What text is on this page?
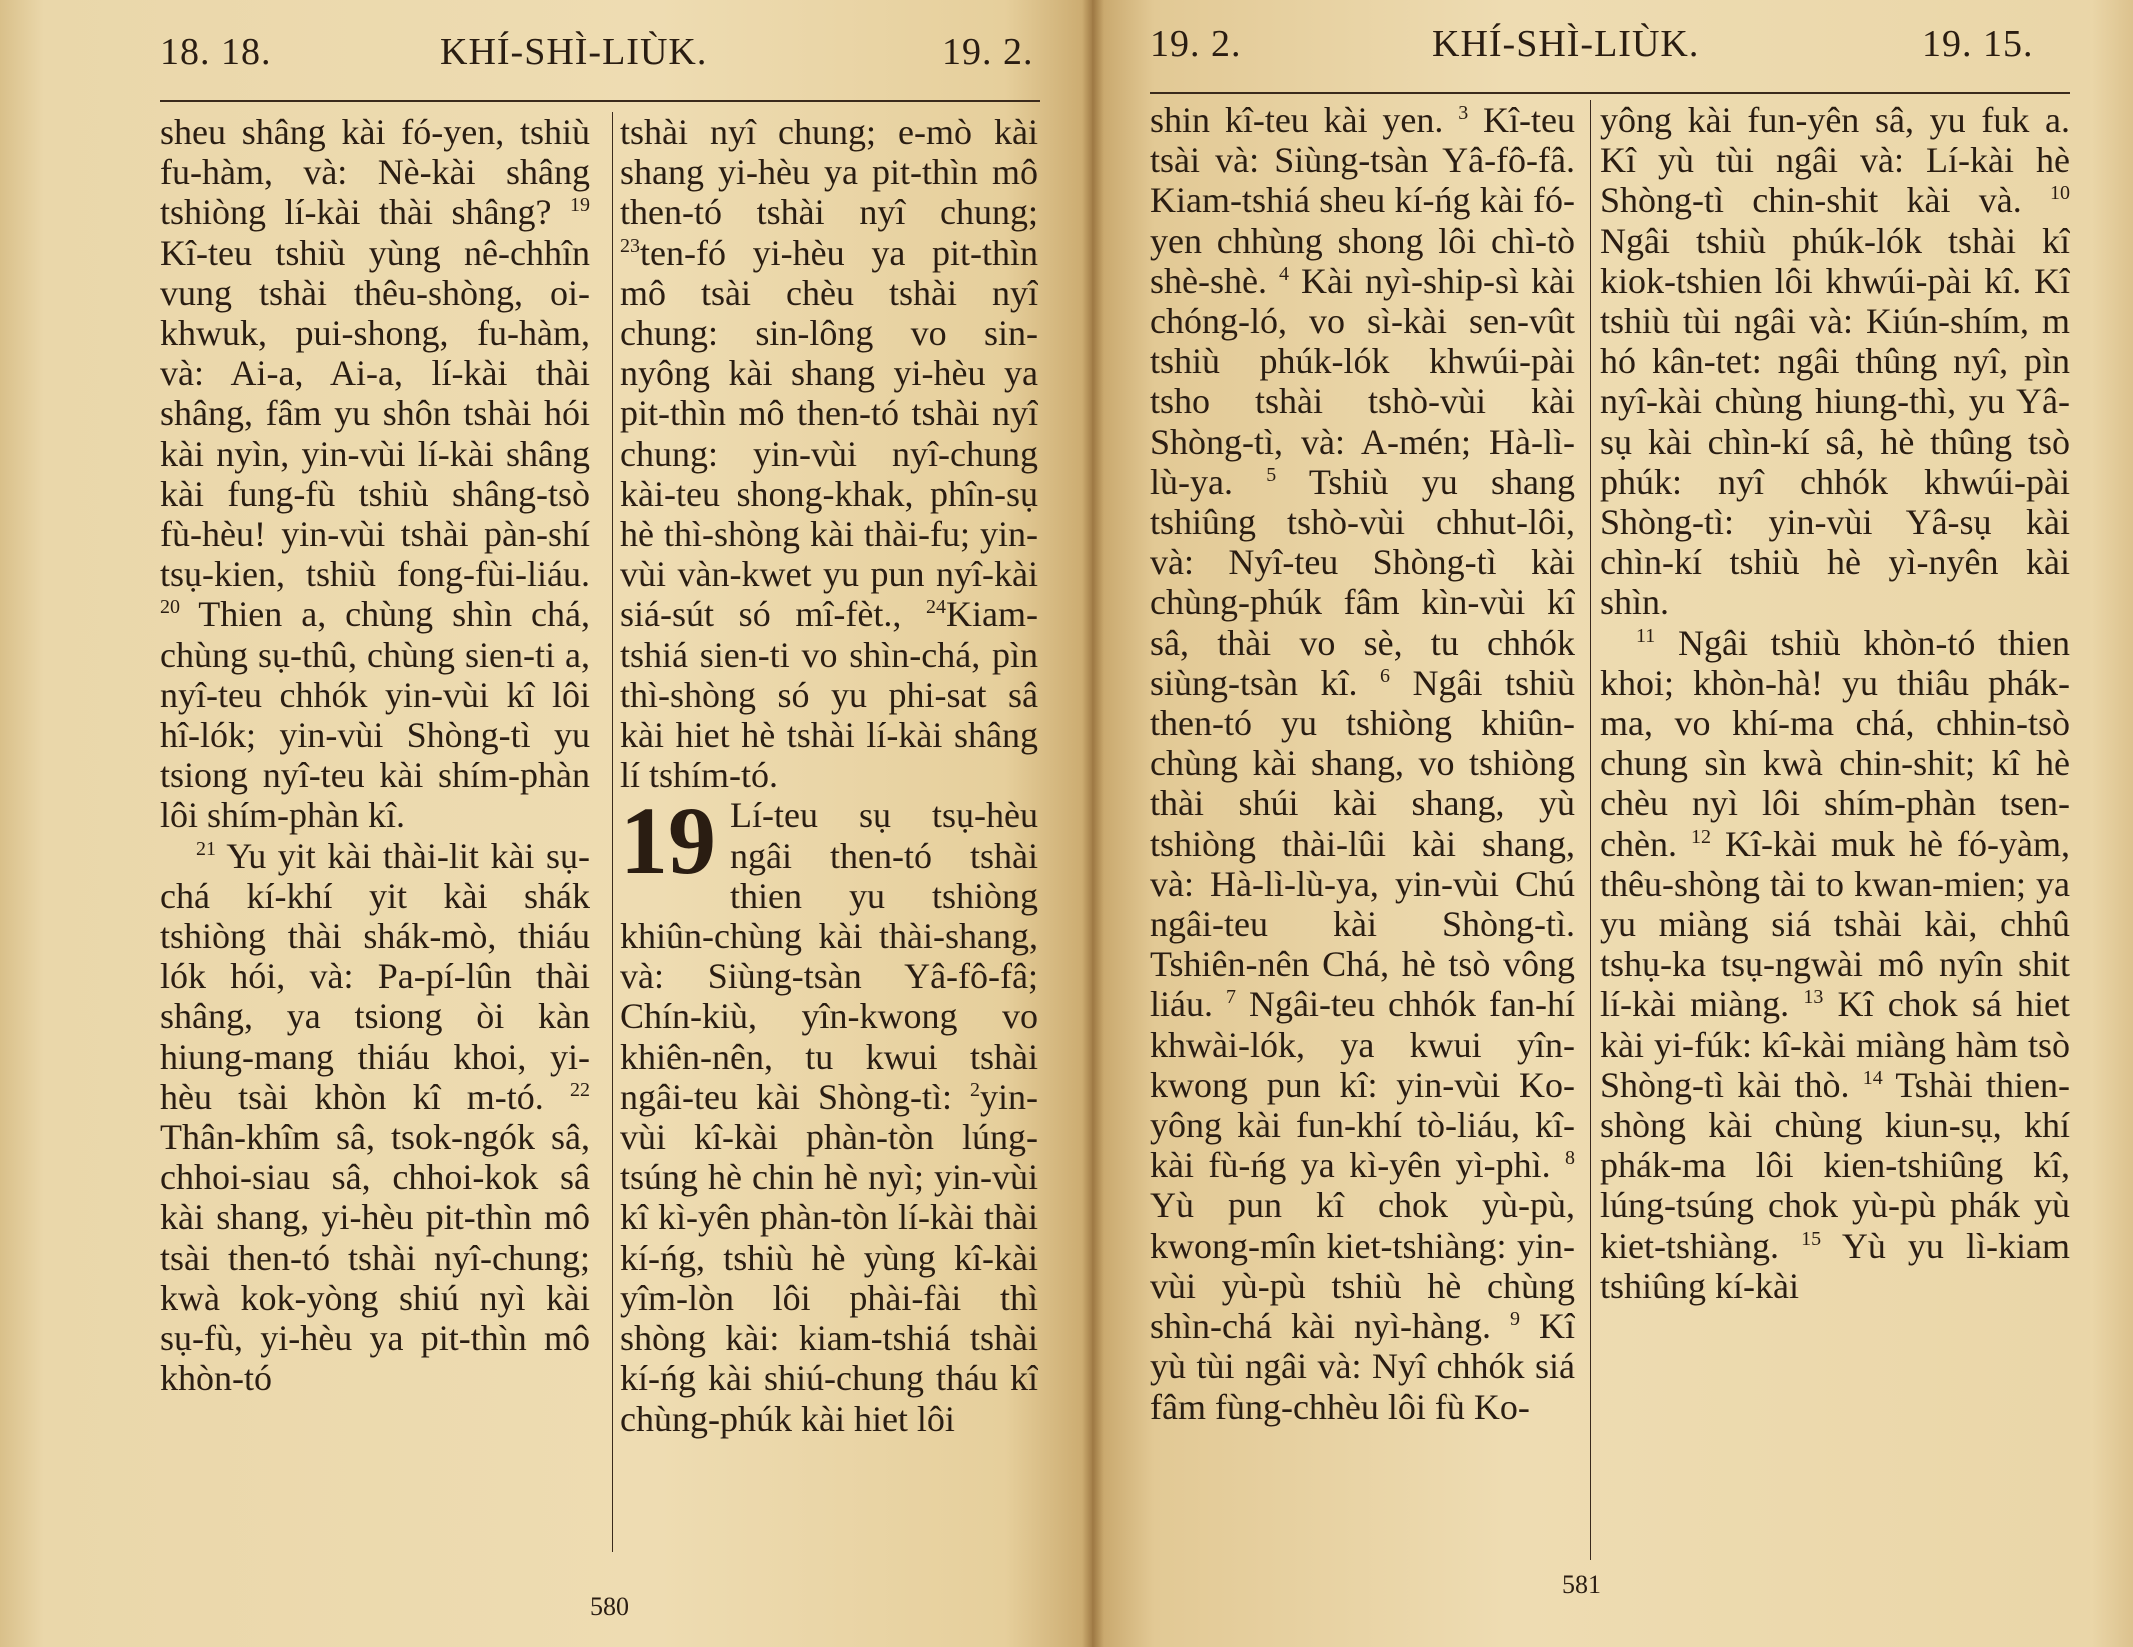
18. 18.	KHÍ-SHÌ-LIÙK.	19. 2.

sheu shâng kài fó-yen, tshiù fu-hàm, và: Nè-kài shâng tshiòng lí-kài thài shâng? $^{19}$ Kî-teu tshiù yùng nê-chhîn vung tshài thêu-shòng, oi-khwuk, pui-shong, fu-hàm, và: Ai-a, Ai-a, lí-kài thài shâng, fâm yu shôn tshài hói kài nyìn, yin-vùi lí-kài shâng kài fung-fù tshiù shâng-tsò fù-hèu! yin-vùi tshài pàn-shí tsụ-kien, tshiù fong-fùi-liáu. $^{20}$ Thien a, chùng shìn chá, chùng sụ-thû, chùng sien-ti a, nyî-teu chhók yin-vùi kî lôi hî-lók; yin-vùi Shòng-tì yu tsiong nyî-teu kài shím-phàn lôi shím-phàn kî.

$^{21}$ Yu yit kài thài-lit kài sụ-chá kí-khí yit kài shák tshiòng thài shák-mò, thiáu lók hói, và: Pa-pí-lûn thài shâng, ya tsiong òi kàn hiung-mang thiáu khoi, yi-hèu tsài khòn kî m-tó. $^{22}$ Thân-khîm sâ, tsok-ngók sâ, chhoi-siau sâ, chhoi-kok sâ kài shang, yi-hèu pit-thìn mô tsài then-tó tshài nyî-chung; kwà kok-yòng shiú nyì kài sụ-fù, yi-hèu ya pit-thìn mô khòn-tó

tshài nyî chung; e-mò kài shang yi-hèu ya pit-thìn mô then-tó tshài nyî chung; $^{23}$ten-fó yi-hèu ya pit-thìn mô tsài chèu tshài nyî chung: sin-lông vo sin-nyông kài shang yi-hèu ya pit-thìn mô then-tó tshài nyî chung: yin-vùi nyî-chung kài-teu shong-khak, phîn-sụ hè thì-shòng kài thài-fu; yin-vùi vàn-kwet yu pun nyî-kài siá-sút só mî-fèt., $^{24}$Kiam-tshiá sien-ti vo shìn-chá, pìn thì-shòng só yu phi-sat sâ kài hiet hè tshài lí-kài shâng lí tshím-tó.

19 Lí-teu sụ tsụ-hèu ngâi then-tó tshài thien yu tshiòng khiûn-chùng kài thài-shang, và: Siùng-tsàn Yâ-fô-fâ; Chín-kiù, yîn-kwong vo khiên-nên, tu kwui tshài ngâi-teu kài Shòng-tì: $^2$yin-vùi kî-kài phàn-tòn lúng-tsúng hè chin hè nyì; yin-vùi kî kì-yên phàn-tòn lí-kài thài kí-ńg, tshiù hè yùng kî-kài yîm-lòn lôi phài-fài thì shòng kài: kiam-tshiá tshài kí-ńg kài shiú-chung tháu kî chùng-phúk kài hiet lôi

580
19. 2.	KHÍ-SHÌ-LIÙK.	19. 15.

shin kî-teu kài yen. $^3$ Kî-teu tsài và: Siùng-tsàn Yâ-fô-fâ. Kiam-tshiá sheu kí-ńg kài fó-yen chhùng shong lôi chì-tò shè-shè. $^4$ Kài nyì-ship-sì kài chóng-ló, vo sì-kài sen-vût tshiù phúk-lók khwúi-pài tsho tshài tshò-vùi kài Shòng-tì, và: A-mén; Hà-lì-lù-ya. $^5$ Tshiù yu shang tshiûng tshò-vùi chhut-lôi, và: Nyî-teu Shòng-tì kài chùng-phúk fâm kìn-vùi kî sâ, thài vo sè, tu chhók siùng-tsàn kî. $^6$ Ngâi tshiù then-tó yu tshiòng khiûn-chùng kài shang, vo tshiòng thài shúi kài shang, yù tshiòng thài-lûi kài shang, và: Hà-lì-lù-ya, yin-vùi Chú ngâi-teu kài Shòng-tì. Tshiên-nên Chá, hè tsò vông liáu. $^7$ Ngâi-teu chhók fan-hí khwài-lók, ya kwui yîn-kwong pun kî: yin-vùi Ko-yông kài fun-khí tò-liáu, kî-kài fù-ńg ya kì-yên yì-phì. $^8$ Yù pun kî chok yù-pù, kwong-mîn kiet-tshiàng: yin-vùi yù-pù tshiù hè chùng shìn-chá kài nyì-hàng. $^9$ Kî yù tùi ngâi và: Nyî chhók siá fâm fùng-chhèu lôi fù Ko-

yông kài fun-yên sâ, yu fuk a. Kî yù tùi ngâi và: Lí-kài hè Shòng-tì chin-shit kài và. $^{10}$ Ngâi tshiù phúk-lók tshài kî kiok-tshien lôi khwúi-pài kî. Kî tshiù tùi ngâi và: Kiún-shím, m hó kân-tet: ngâi thûng nyî, pìn nyî-kài chùng hiung-thì, yu Yâ-sụ kài chìn-kí sâ, hè thûng tsò phúk: nyî chhók khwúi-pài Shòng-tì: yin-vùi Yâ-sụ kài chìn-kí tshiù hè yì-nyên kài shìn.

$^{11}$ Ngâi tshiù khòn-tó thien khoi; khòn-hà! yu thiâu phák-ma, vo khí-ma chá, chhin-tsò chung sìn kwà chin-shit; kî hè chèu nyì lôi shím-phàn tsen-chèn. $^{12}$ Kî-kài muk hè fó-yàm, thêu-shòng tài to kwan-mien; ya yu miàng siá tshài kài, chhû tshụ-ka tsụ-ngwài mô nyîn shit lí-kài miàng. $^{13}$ Kî chok sá hiet kài yi-fúk: kî-kài miàng hàm tsò Shòng-tì kài thò. $^{14}$ Tshài thien-shòng kài chùng kiun-sụ, khí phák-ma lôi kien-tshiûng kî, lúng-tsúng chok yù-pù phák yù kiet-tshiàng. $^{15}$ Yù yu lì-kiam tshiûng kí-kài

581
